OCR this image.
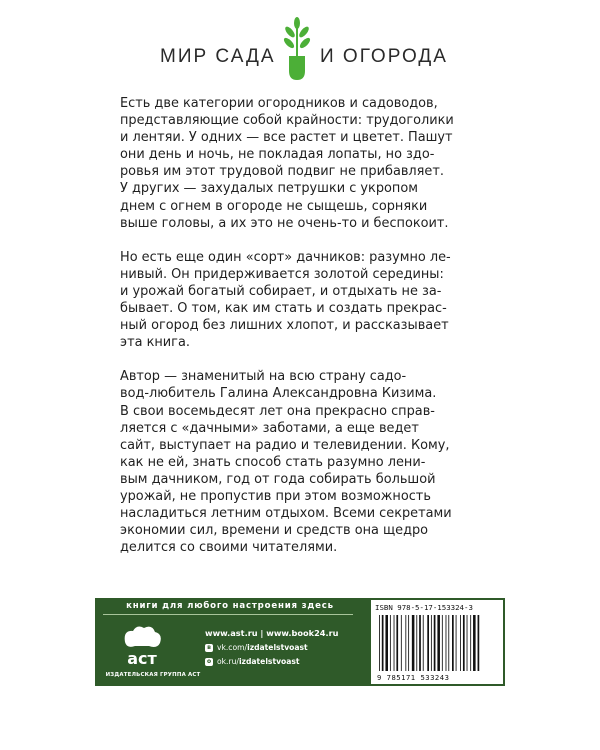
МИР САДА И ОГОРОДА

Есть две категории огородников и садоводов,
представляющие собой крайности: трудоголики
и лентяи. У одних — все растет и цветет. Пашут
они день и ночь, не покладая лопаты, но здо-
ровья им этот трудовой подвиг не прибавляет.
У других — захудалых петрушки с укропом
днем с огнем в огороде не сыщешь, сорняки
выше головы, а их это не очень-то и беспокоит.

Но есть еще один «сорт» дачников: разумно ле-
нивый. Он придерживается золотой середины:
и урожай богатый собирает, и отдыхать не за-
бывает. О том, как им стать и создать прекрас-
ный огород без лишних хлопот, и рассказывает
эта книга.

Автор — знаменитый на всю страну садо-
вод-любитель Галина Александровна Кизима.
В свои восемьдесят лет она прекрасно справ-
ляется с «дачными» заботами, а еще ведет
сайт, выступает на радио и телевидении. Кому,
как не ей, знать способ стать разумно лени-
вым дачником, год от года собирать большой
урожай, не пропустив при этом возможность
насладиться летним отдыхом. Всеми секретами
экономии сил, времени и средств она щедро
делится со своими читателями.

книги для любого настроения здесь
аст
ИЗДАТЕЛЬСКАЯ ГРУППА АСТ
www.ast.ru | www.book24.ru
в vk.com/ izdatelstvoast
о ok.ru/ izdatelstvoast
ISBN 978-5-17-153324-3
9 785171 533243
